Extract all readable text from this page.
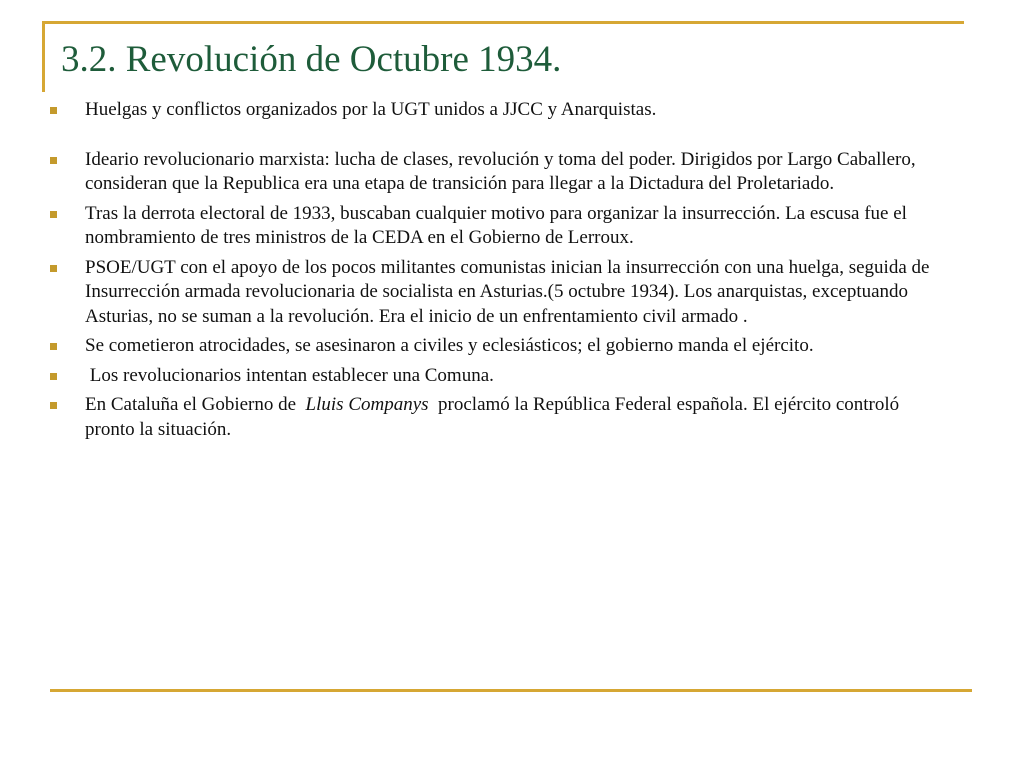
3.2. Revolución de Octubre 1934.
Huelgas y conflictos organizados por la UGT unidos a JJCC y Anarquistas.
Ideario revolucionario marxista: lucha de clases, revolución y toma del poder. Dirigidos por Largo Caballero, consideran que la Republica era una etapa de transición para llegar a la Dictadura del Proletariado.
Tras la derrota electoral de 1933, buscaban cualquier motivo para organizar la insurrección. La escusa fue el nombramiento de tres ministros de la CEDA en el Gobierno de Lerroux.
PSOE/UGT con el apoyo de los pocos militantes comunistas inician la insurrección con una huelga, seguida de Insurrección armada revolucionaria de socialista en Asturias.(5 octubre 1934). Los anarquistas, exceptuando Asturias, no se suman a la revolución. Era el inicio de un enfrentamiento civil armado .
Se cometieron atrocidades, se asesinaron a civiles y eclesiásticos; el gobierno manda el ejército.
Los revolucionarios intentan establecer una Comuna.
En Cataluña el Gobierno de  Lluis Companys  proclamó la República Federal española. El ejército controló pronto la situación.
